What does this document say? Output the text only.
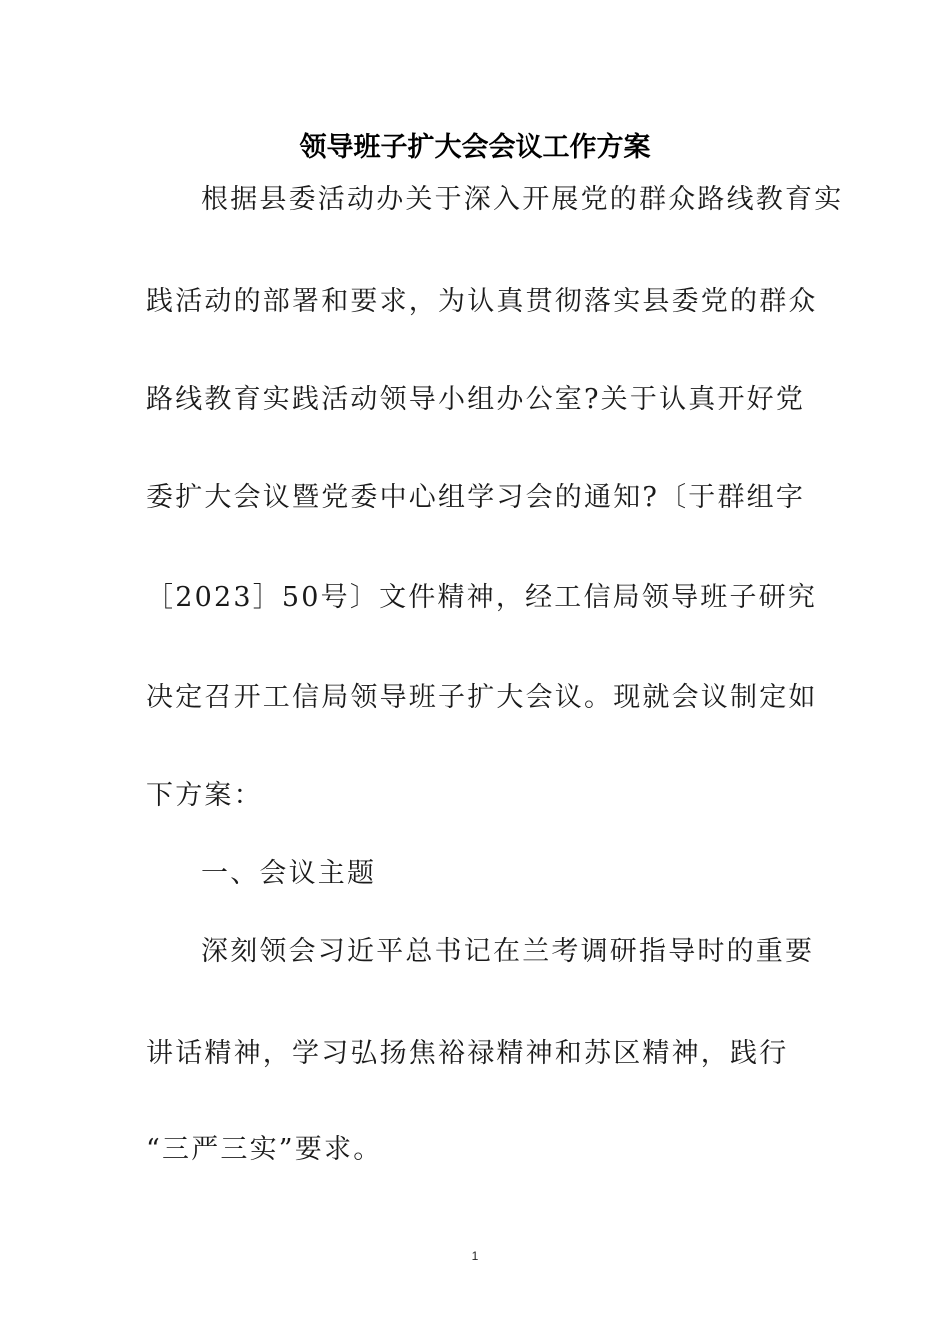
领导班子扩大会会议工作方案
根据县委活动办关于深入开展党的群众路线教育实
践活动的部署和要求，为认真贯彻落实县委党的群众
路线教育实践活动领导小组办公室?关于认真开好党
委扩大会议暨党委中心组学习会的通知?〔于群组字
［2023］50号〕文件精神，经工信局领导班子研究
决定召开工信局领导班子扩大会议。现就会议制定如
下方案：
一、会议主题
深刻领会习近平总书记在兰考调研指导时的重要
讲话精神，学习弘扬焦裕禄精神和苏区精神，践行
“三严三实”要求。
1
